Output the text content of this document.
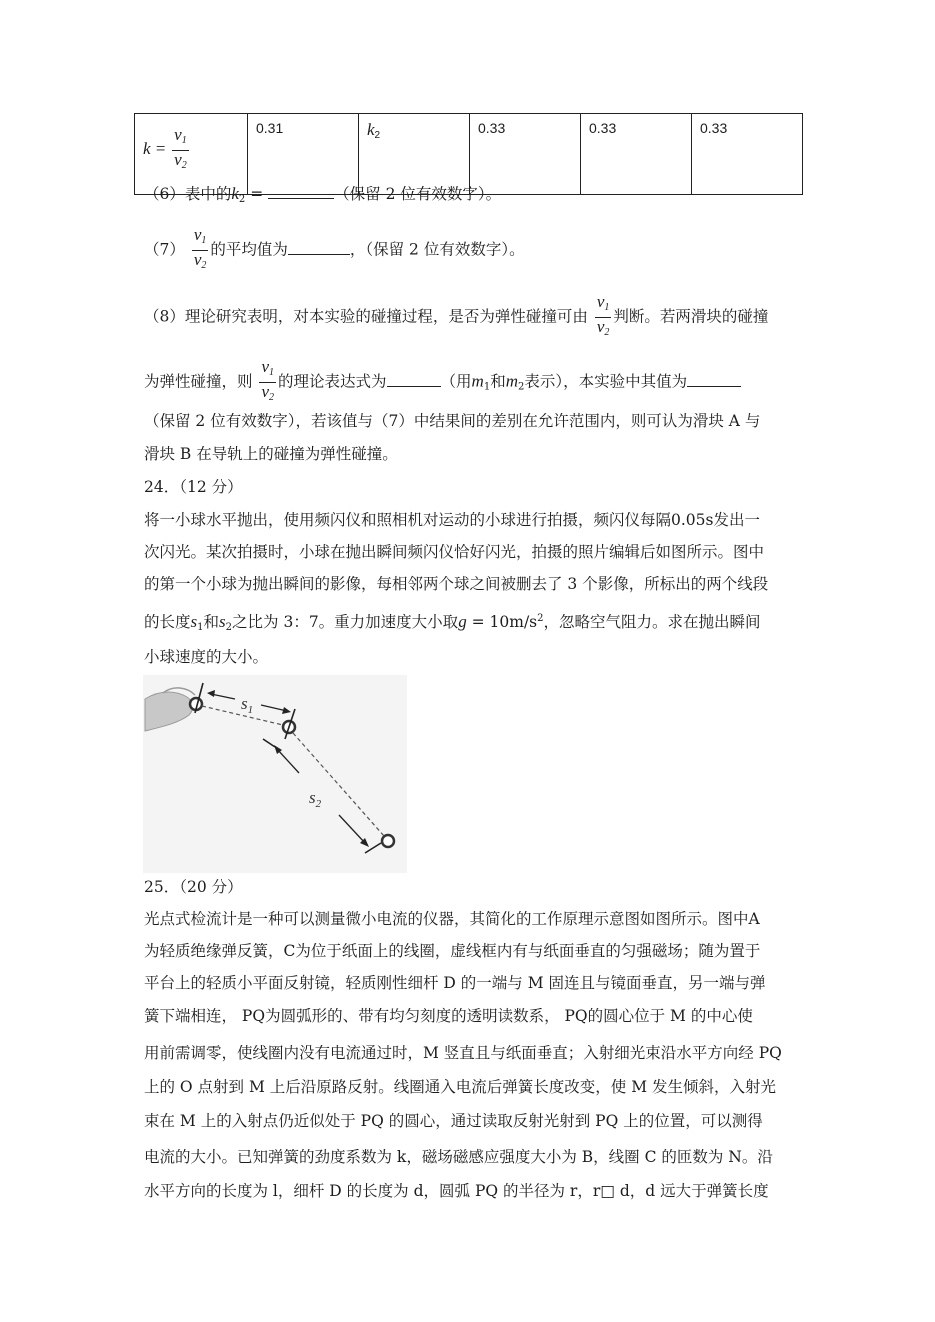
$k = \frac{v_1}{v_2}$	0.31	$k_2$	0.33	0.33	0.33
（6）表中的$k_2$ =	（保留 2 位有效数字）。
$(7) \frac{v_1}{v_2}$ 的平均值为	，（保留 2 位有效数字）。
（8）理论研究表明，对本实验的碰撞过程，是否为弹性碰撞可由 $\frac{v_1}{v_2}$ 判断。若两滑块的碰撞
为弹性碰撞，则 $\frac{v_1}{v_2}$ 的理论表达式为	（用$m_1$和$m_2$表示），本实验中其值为
（保留 2 位有效数字），若该值与（7）中结果间的差别在允许范围内，则可认为滑块 A 与
滑块 B 在导轨上的碰撞为弹性碰撞。
24．（12 分）
将一小球水平抛出，使用频闪仪和照相机对运动的小球进行拍摄，频闪仪每隔0.05s发出一
次闪光。某次拍摄时，小球在抛出瞬间频闪仪恰好闪光，拍摄的照片编辑后如图所示。图中
的第一个小球为抛出瞬间的影像，每相邻两个球之间被删去了 3 个影像，所标出的两个线段
的长度$s_1$和$s_2$之比为 3：7。重力加速度大小取$g = 10m/s^2$，忽略空气阻力。求在抛出瞬间
小球速度的大小。
$s_1$
$s_2$
25．（20 分）
光点式检流计是一种可以测量微小电流的仪器，其简化的工作原理示意图如图所示。图中A
为轻质绝缘弹反簧，C为位于纸面上的线圈，虚线框内有与纸面垂直的匀强磁场；随为置于
平台上的轻质小平面反射镜，轻质刚性细杆 D 的一端与 M 固连且与镜面垂直，另一端与弹
簧下端相连， PQ为圆弧形的、带有均匀刻度的透明读数系， PQ的圆心位于 M 的中心使
用前需调零，使线圈内没有电流通过时，M 竖直且与纸面垂直；入射细光束沿水平方向经 PQ
上的 O 点射到 M 上后沿原路反射。线圈通入电流后弹簧长度改变，使 M 发生倾斜，入射光
束在 M 上的入射点仍近似处于 PQ 的圆心，通过读取反射光射到 PQ 上的位置，可以测得
电流的大小。已知弹簧的劲度系数为 k，磁场磁感应强度大小为 B，线圈 C 的匝数为 N。沿
水平方向的长度为 l，细杆 D 的长度为 d，圆弧 PQ 的半径为 r，r□ d，d 远大于弹簧长度
